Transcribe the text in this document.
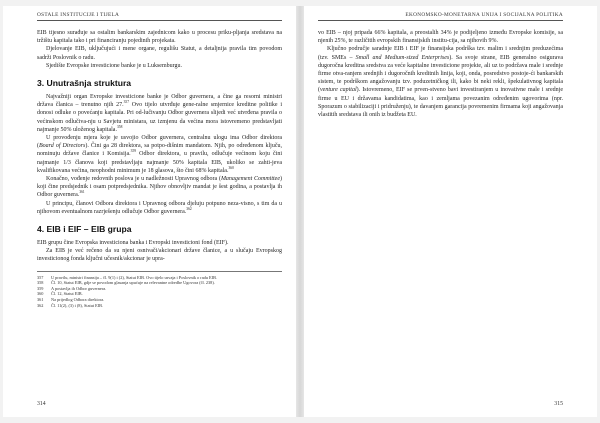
OSTALE INSTITUCIJE I TIJELA

EIB tijesno surađuje sa ostalim bankarskim zajednicom kako u procesu priku-pljanja sredstava na tržištu kapitala tako i pri financiranju pojedinih projekata.

Djelovanje EIB, uključujući i mene organe, regulišu Statut, a detaljnija pravila tim povodom sadrži Poslovnik o radu.

Sjedište Evropske investicione banke je u Luksemburgu.

3. Unutrašnja struktura

Najvažniji organ Evropske investicione banke je Odbor guvernera, a čine ga resorni ministri država članica – trenutno njih 27.$^{357}$ Ovo tijelo utvrđuje gene-ralne smjernice kreditne politike i donosi odluke o povećanju kapitala. Pri od-lučivanju Odbor guvernera slijedi već utvrđena pravila o većinskom odlučiva-nju u Savjetu ministara, uz izmjenu da većina mora istovremeno predstavljati najmanje 50% uloženog kapitala.$^{358}$

U provođenju mjera koje je usvojio Odbor guvernera, centralnu ulogu ima Odbor direktora (Board of Directors). Čini ga 28 direktora, sa potpo-dišnim mandatom. Njih, po određenom ključu, nominuju države članice i Komisija.$^{359}$ Odbor direktora, u pravilu, odlučuje većinom koju čini najmanje 1/3 članova koji predstavljaju najmanje 50% kapitala EIB, ukoliko se zahti-jeva kvalifikovana većina, neophodni minimum je 18 glasova, što čini 68% kapitala.$^{360}$

Konačno, vođenje redovnih poslova je u nadležnosti Upravnog odbora (Management Committee) koji čine predsjednik i osam potpredsjednika. Njihov obnovljiv mandat je šest godina, a postavlja ih Odbor guvernera.$^{361}$

U principu, članovi Odbora direktora i Upravnog odbora djeluju potpuno neza-visno, s tim da u njihovom eventualnom razrješenju odlučuje Odbor guvernera.$^{362}$

4. EIB i EIF – EIB grupa

EIB grupu čine Evropska investiciona banka i Evropski investicioni fond (EIF).

Za EIB je već rečeno da su njeni osnivači/akcionari države članice, a u slučaju Evropskog investicionog fonda ključni učesnik/akcionar je upra-

357	U pravilu, ministri finansija – čl. 9(1) i (2), Statut EIB. Ovo tijelo usvaja i Poslovnik o radu EIB.
358	Čl. 10, Statut EIB, gdje se povodom glasanja upućuje na relevantne odredbe Ugovora (čl. 238).
359	A postavlja ih Odbor guvernera.
360	Čl. 12, Statut EIB.
361	Na prijedlog Odbora direktora.
362	Čl. 11(2), (3) i (8), Statut EIB.
314
EKONOMSKO-MONETARNA UNIJA I SOCIJALNA POLITIKA

vo EIB – njoj pripada 66% kapitala, a preostalih 34% je podijeljeno između Evropske komisije, sa njenih 25%, te različitih evropskih finansijskih institu-cija, sa njihovih 9%.

Ključno područje saradnje EIB i EIF je finansijska podrška tzv. malim i srednjim preduzećima (tzv. SMEs – Small and Medium-sized Enterprises). Sa svoje strane, EIB generalno osigurava dugoročna kreditna sredstva za veće kapitalne investicione projekte, ali uz to podržava male i srednje firme otva-ranjem srednjih i dugoročnih kreditnih linija, koji, onda, posredstvo postoje-ći bankarskih sistem, te podrškom angažovanju tzv. poduzetničkog ili, kako bi neki rekli, špekulativnog kapitala (venture capital). Istovremeno, EIF se prven-stveno bavi investiranjem u inovativne male i srednje firme u EU i državama kandidatima, kao i zemljama povezanim određenim ugovorima (npr. Sporazum o stabilizaciji i pridruženju), te davanjem garancija povremenim firmama koji angažovanja vlastitih sredstava ili onih iz budžeta EU.

315
